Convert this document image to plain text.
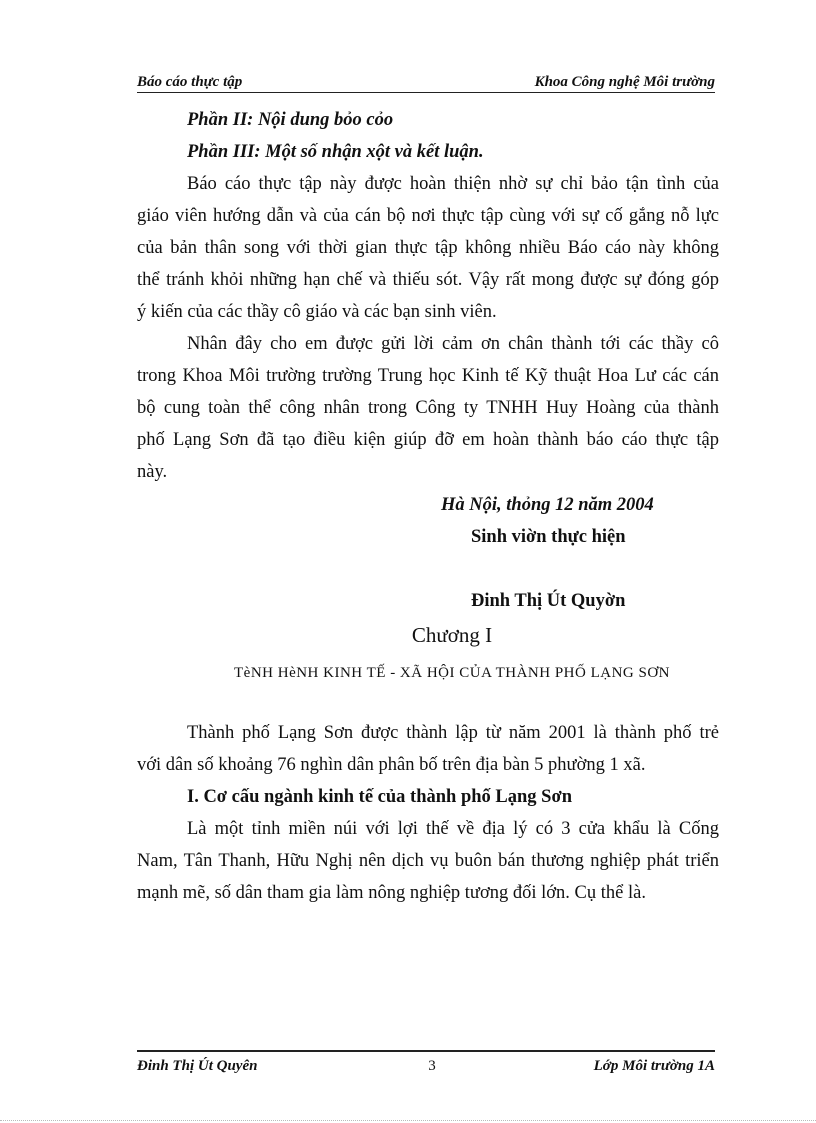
Báo cáo thực tập	Khoa Công nghệ Môi trường
Phần II: Nội dung bỏo cỏo
Phần III: Một số nhận xột và kết luận.
Báo cáo thực tập này được hoàn thiện nhờ sự chỉ bảo tận tình của
giáo viên hướng dẫn và của cán bộ nơi thực tập cùng với sự cố gắng nỗ lực
của bản thân song với thời gian thực tập không nhiều Báo cáo này không
thể tránh khỏi những hạn chế và thiếu sót. Vậy rất mong được sự đóng góp
ý kiến của các thầy cô giáo và các bạn sinh viên.
Nhân đây cho em được gửi lời cảm ơn chân thành tới các thầy cô
trong Khoa Môi trường trường Trung học Kinh tế Kỹ thuật Hoa Lư các cán
bộ cung toàn thể công nhân trong Công ty TNHH Huy Hoàng của thành
phố Lạng Sơn đã tạo điều kiện giúp đỡ em hoàn thành báo cáo thực tập
này.
Hà Nội, thỏng 12 năm 2004
Sinh viờn thực hiện
Đinh Thị Út Quyờn
Chương I
TèNH HèNH KINH TẾ - XÃ HỘI CỦA THÀNH PHỐ LẠNG SƠN
Thành phố Lạng Sơn được thành lập từ năm 2001 là thành phố trẻ
với dân số khoảng 76 nghìn dân phân bố trên địa bàn 5 phường 1 xã.
I. Cơ cấu ngành kinh tế của thành phố Lạng Sơn
Là một tỉnh miền núi với lợi thế về địa lý có 3 cửa khẩu là Cống
Nam, Tân Thanh, Hữu Nghị nên dịch vụ buôn bán thương nghiệp phát triển
mạnh mẽ, số dân tham gia làm nông nghiệp tương đối lớn. Cụ thể là.
Đinh Thị Út Quyên	3	Lớp Môi trường 1A
